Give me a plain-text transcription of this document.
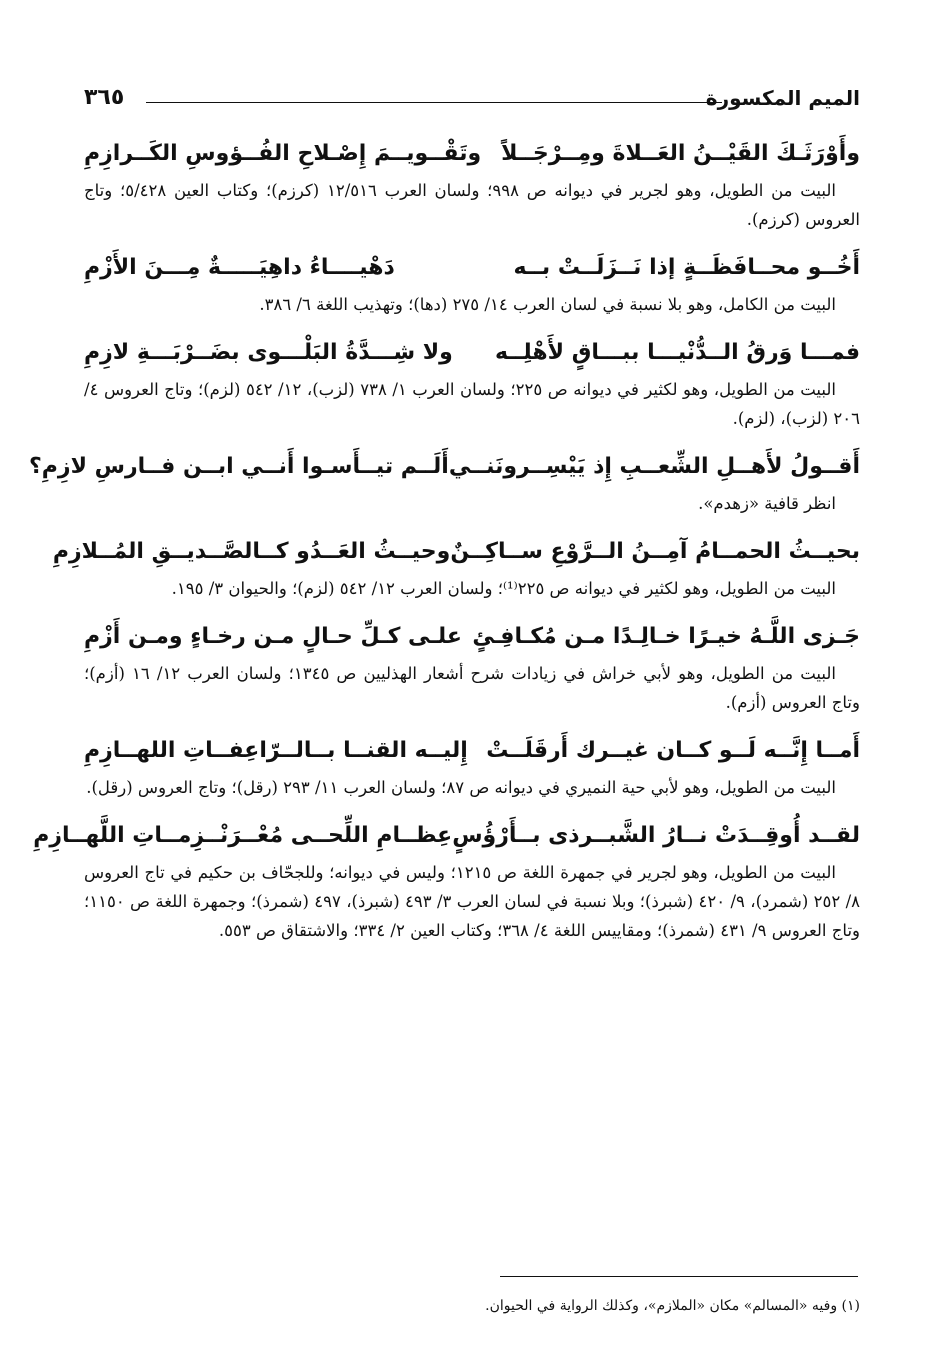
٣٦٥	الميم المكسورة
وأَوْرَثَـكَ القَيْــنُ العَــلاةَ ومِــرْجَــلاً
وتَقْــويــمَ إِصْـلاحِ الفُــؤوسِ الكَــرازِمِ
البيت من الطويل، وهو لجرير في ديوانه ص ٩٩٨؛ ولسان العرب ١٢/٥١٦ (كرزم)؛ وكتاب العين ٥/٤٢٨؛ وتاج العروس (كرزم).
أَخُــو محــافَظَــةٍ إذا نَــزَلَــتْ بــه
دَهْيــــاءُ داهِيَـــــةٌ مِـــنَ الأَزْمِ
البيت من الكامل، وهو بلا نسبة في لسان العرب ١٤/ ٢٧٥ (دها)؛ وتهذيب اللغة ٦/ ٣٨٦.
فمـــا وَرقُ الــدُّنْيـــا ببـــاقٍ لأَهْلِــه
ولا شِـــدَّةُ البَلْـــوى بضَــرْبَـــةِ لازِمِ
البيت من الطويل، وهو لكثير في ديوانه ص ٢٢٥؛ ولسان العرب ١/ ٧٣٨ (لزب)، ١٢/ ٥٤٢ (لزم)؛ وتاج العروس ٤/ ٢٠٦ (لزب)، (لزم).
أَقــولُ لأَهــلِ الشِّعــبِ إِذ يَيْسِــرونَنــي
أَلَــم تيــأَسـوا أَنــي ابــن فــارسِ لازِمِ؟
انظر قافية «زهدم».
بحيــثُ الحمــامُ آمِــنُ الــرَّوْعِ ســاكِــنٌ
وحيــثُ العَــدُو كــالصَّــديــقِ المُــلازِمِ
البيت من الطويل، وهو لكثير في ديوانه ص ٢٢٥⁽¹⁾؛ ولسان العرب ١٢/ ٥٤٢ (لزم)؛ والحيوان ٣/ ١٩٥.
جَـزى اللَّـهُ خيـرًا خـالِـدًا مـن مُكـافِـئٍ
علـى كـلِّ حـالٍ مـن رخـاءٍ ومـن أَزْمِ
البيت من الطويل، وهو لأبي خراش في زيادات شرح أشعار الهذليين ص ١٣٤٥؛ ولسان العرب ١٢/ ١٦ (أزم)؛ وتاج العروس (أزم).
أَمــا إِنَّــه لَــو كــان غيــرك أَرقَلَــتْ
إِليــه القنــا بــالــرّاعِفــاتِ اللهــازِمِ
البيت من الطويل، وهو لأبي حية النميري في ديوانه ص ٨٧؛ ولسان العرب ١١/ ٢٩٣ (رقل)؛ وتاج العروس (رقل).
لقــد أُوقِــدَتْ نــارُ الشَّبــرذى بــأَرْؤُسٍ
عِظــامِ اللِّحــى مُعْــرَنْــزِمــاتِ اللَّهــازِمِ
البيت من الطويل، وهو لجرير في جمهرة اللغة ص ١٢١٥؛ وليس في ديوانه؛ وللجحّاف بن حكيم في تاج العروس ٨/ ٢٥٢ (شمرد)، ٩/ ٤٢٠ (شبرذ)؛ وبلا نسبة في لسان العرب ٣/ ٤٩٣ (شبرذ)، ٤٩٧ (شمرذ)؛ وجمهرة اللغة ص ١١٥٠؛ وتاج العروس ٩/ ٤٣١ (شمرذ)؛ ومقاييس اللغة ٤/ ٣٦٨؛ وكتاب العين ٢/ ٣٣٤؛ والاشتقاق ص ٥٥٣.
(١) وفيه «المسالم» مكان «الملازم»، وكذلك الرواية في الحيوان.
